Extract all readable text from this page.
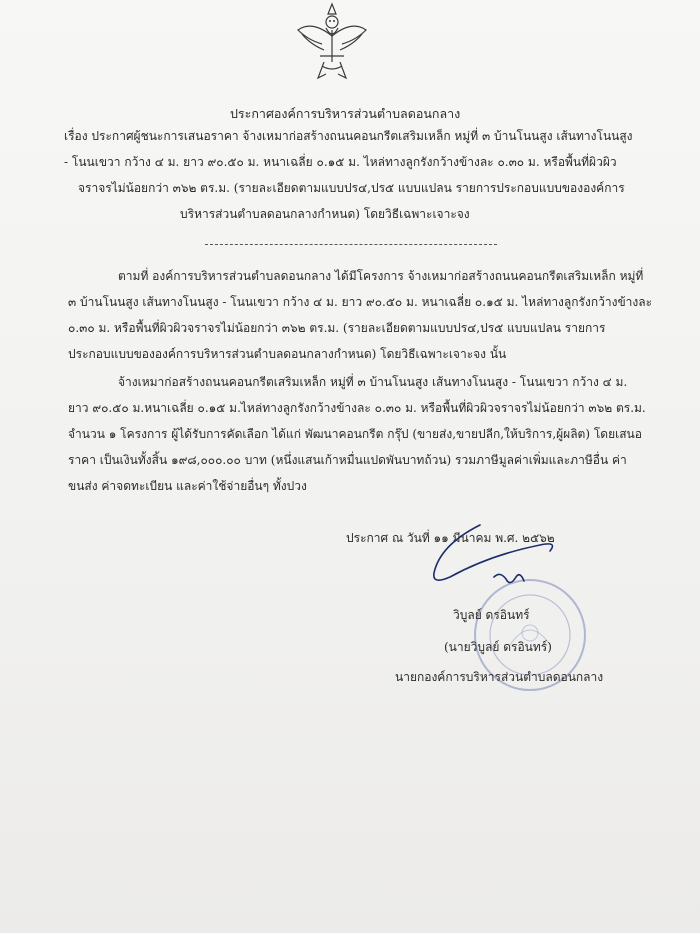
ประกาศองค์การบริหารส่วนตำบลดอนกลาง
เรื่อง ประกาศผู้ชนะการเสนอราคา จ้างเหมาก่อสร้างถนนคอนกรีตเสริมเหล็ก หมู่ที่ ๓ บ้านโนนสูง เส้นทางโนนสูง
- โนนเขวา กว้าง ๔ ม. ยาว ๙๐.๕๐ ม. หนาเฉลี่ย ๐.๑๕ ม. ไหล่ทางลูกรังกว้างข้างละ ๐.๓๐ ม. หรือพื้นที่ผิวผิว
จราจรไม่น้อยกว่า ๓๖๒ ตร.ม. (รายละเอียดตามแบบปร๔,ปร๕ แบบแปลน รายการประกอบแบบขององค์การ
บริหารส่วนตำบลดอนกลางกำหนด) โดยวิธีเฉพาะเจาะจง
ตามที่ องค์การบริหารส่วนตำบลดอนกลาง ได้มีโครงการ จ้างเหมาก่อสร้างถนนคอนกรีตเสริมเหล็ก หมู่ที่
๓ บ้านโนนสูง เส้นทางโนนสูง - โนนเขวา กว้าง ๔ ม. ยาว ๙๐.๕๐ ม. หนาเฉลี่ย ๐.๑๕ ม. ไหล่ทางลูกรังกว้างข้างละ
๐.๓๐ ม. หรือพื้นที่ผิวผิวจราจรไม่น้อยกว่า ๓๖๒ ตร.ม. (รายละเอียดตามแบบปร๔,ปร๕ แบบแปลน รายการ
ประกอบแบบขององค์การบริหารส่วนตำบลดอนกลางกำหนด) โดยวิธีเฉพาะเจาะจง นั้น
จ้างเหมาก่อสร้างถนนคอนกรีตเสริมเหล็ก หมู่ที่ ๓ บ้านโนนสูง เส้นทางโนนสูง - โนนเขวา กว้าง ๔ ม.
ยาว ๙๐.๕๐ ม.หนาเฉลี่ย ๐.๑๕ ม.ไหล่ทางลูกรังกว้างข้างละ ๐.๓๐ ม. หรือพื้นที่ผิวผิวจราจรไม่น้อยกว่า ๓๖๒ ตร.ม.
จำนวน ๑ โครงการ ผู้ได้รับการคัดเลือก ได้แก่ พัฒนาคอนกรีต กรุ๊ป (ขายส่ง,ขายปลีก,ให้บริการ,ผู้ผลิต) โดยเสนอ
ราคา เป็นเงินทั้งสิ้น ๑๙๘,๐๐๐.๐๐ บาท (หนึ่งแสนเก้าหมื่นแปดพันบาทถ้วน) รวมภาษีมูลค่าเพิ่มและภาษีอื่น ค่า
ขนส่ง ค่าจดทะเบียน และค่าใช้จ่ายอื่นๆ ทั้งปวง
ประกาศ ณ วันที่ ๑๑ มีนาคม พ.ศ. ๒๕๖๒
วิบูลย์ ดรอินทร์
(นายวิบูลย์ ดรอินทร์)
นายกองค์การบริหารส่วนตำบลดอนกลาง
